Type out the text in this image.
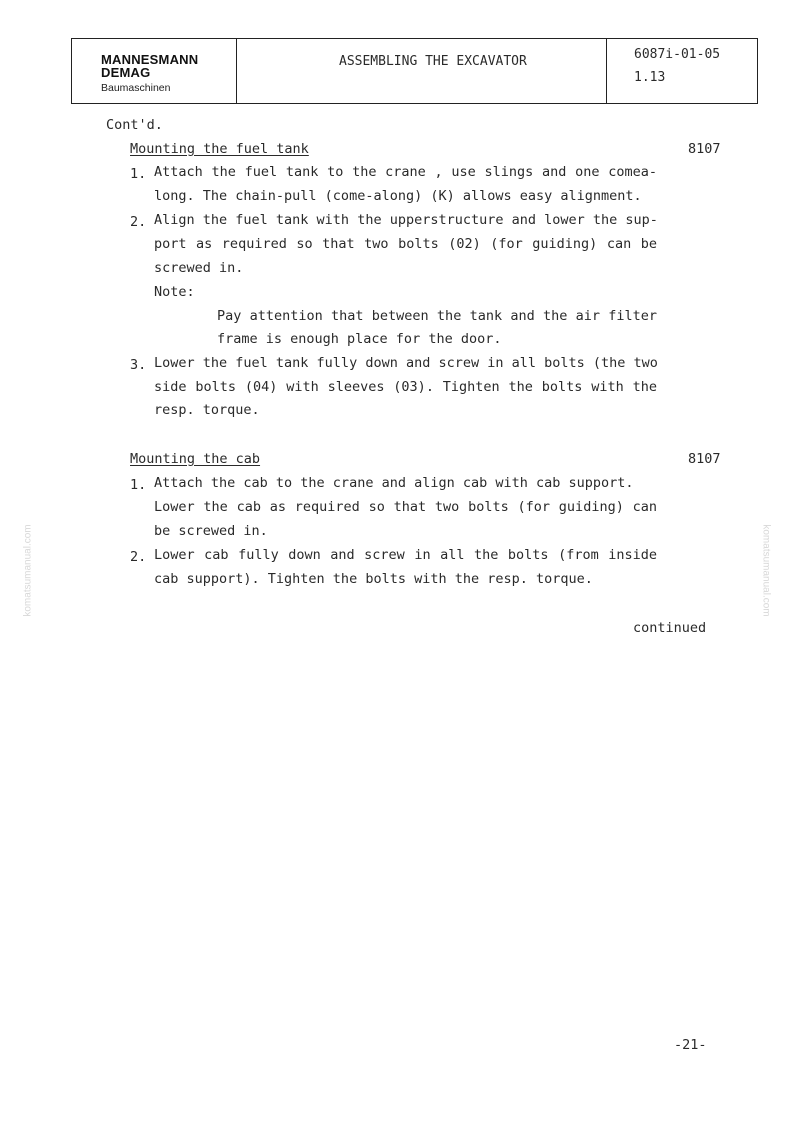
MANNESMANN
DEMAG
Baumaschinen
ASSEMBLING THE EXCAVATOR	6087i-01-05
1.13
Cont'd.
Mounting the fuel tank	8107
1. Attach the fuel tank to the crane , use slings and one comea-
long. The chain-pull (come-along) (K) allows easy alignment.
2. Align the fuel tank with the upperstructure and lower the sup-
port as required so that two bolts (02) (for guiding) can be
screwed in.
Note:
Pay attention that between the tank and the air filter
frame is enough place for the door.
3. Lower the fuel tank fully down and screw in all bolts (the two
side bolts (04) with sleeves (03). Tighten the bolts with the
resp. torque.
Mounting the cab	8107
1. Attach the cab to the crane and align cab with cab support.
Lower the cab as required so that two bolts (for guiding) can
be screwed in.
2. Lower cab fully down and screw in all the bolts (from inside
cab support). Tighten the bolts with the resp. torque.
continued
-21-
komatsumanual.com	komatsumanual.com
